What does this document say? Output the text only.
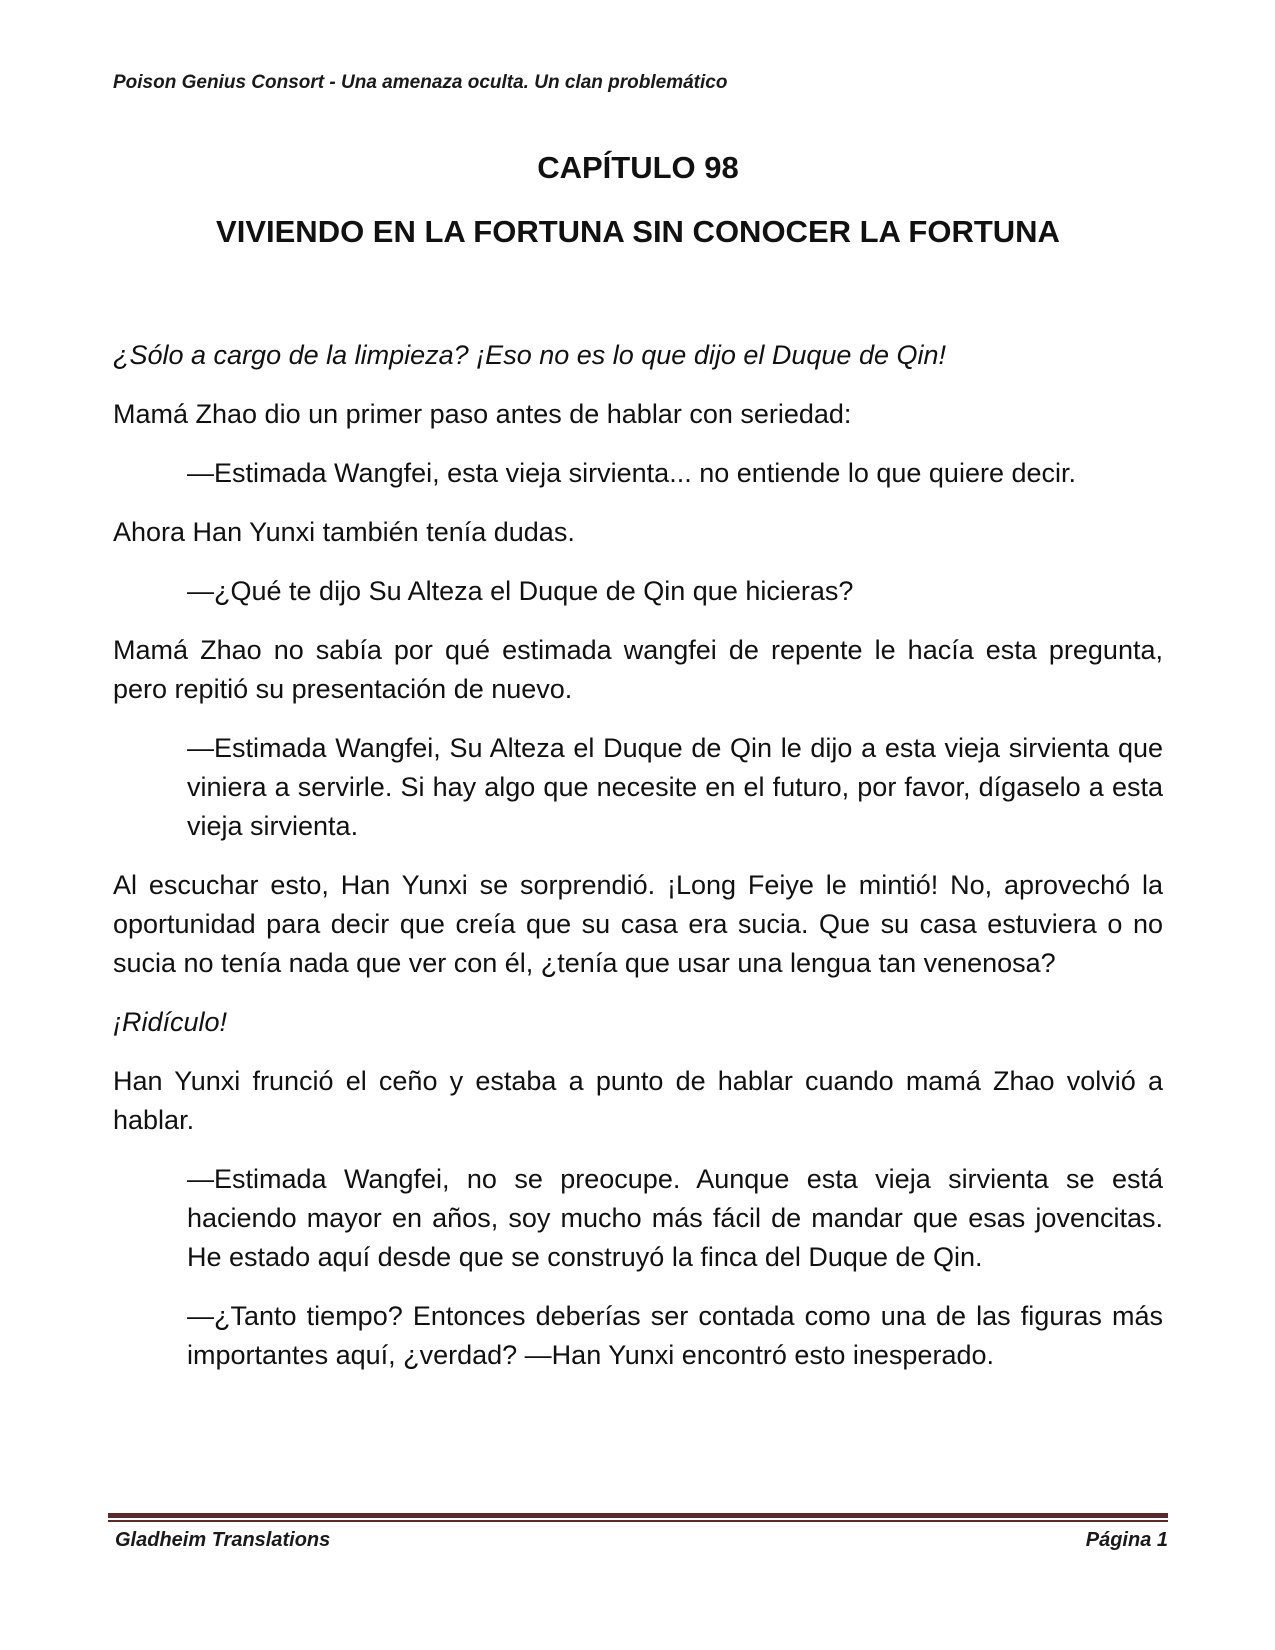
Poison Genius Consort - Una amenaza oculta. Un clan problemático
CAPÍTULO 98
VIVIENDO EN LA FORTUNA SIN CONOCER LA FORTUNA

¿Sólo a cargo de la limpieza? ¡Eso no es lo que dijo el Duque de Qin!

Mamá Zhao dio un primer paso antes de hablar con seriedad:

—Estimada Wangfei, esta vieja sirvienta... no entiende lo que quiere decir.

Ahora Han Yunxi también tenía dudas.

—¿Qué te dijo Su Alteza el Duque de Qin que hicieras?

Mamá Zhao no sabía por qué estimada wangfei de repente le hacía esta pregunta, pero repitió su presentación de nuevo.

—Estimada Wangfei, Su Alteza el Duque de Qin le dijo a esta vieja sirvienta que viniera a servirle. Si hay algo que necesite en el futuro, por favor, dígaselo a esta vieja sirvienta.

Al escuchar esto, Han Yunxi se sorprendió. ¡Long Feiye le mintió! No, aprovechó la oportunidad para decir que creía que su casa era sucia. Que su casa estuviera o no sucia no tenía nada que ver con él, ¿tenía que usar una lengua tan venenosa?

¡Ridículo!

Han Yunxi frunció el ceño y estaba a punto de hablar cuando mamá Zhao volvió a hablar.

—Estimada Wangfei, no se preocupe. Aunque esta vieja sirvienta se está haciendo mayor en años, soy mucho más fácil de mandar que esas jovencitas. He estado aquí desde que se construyó la finca del Duque de Qin.

—¿Tanto tiempo? Entonces deberías ser contada como una de las figuras más importantes aquí, ¿verdad? —Han Yunxi encontró esto inesperado.

Gladheim Translations	Página 1
